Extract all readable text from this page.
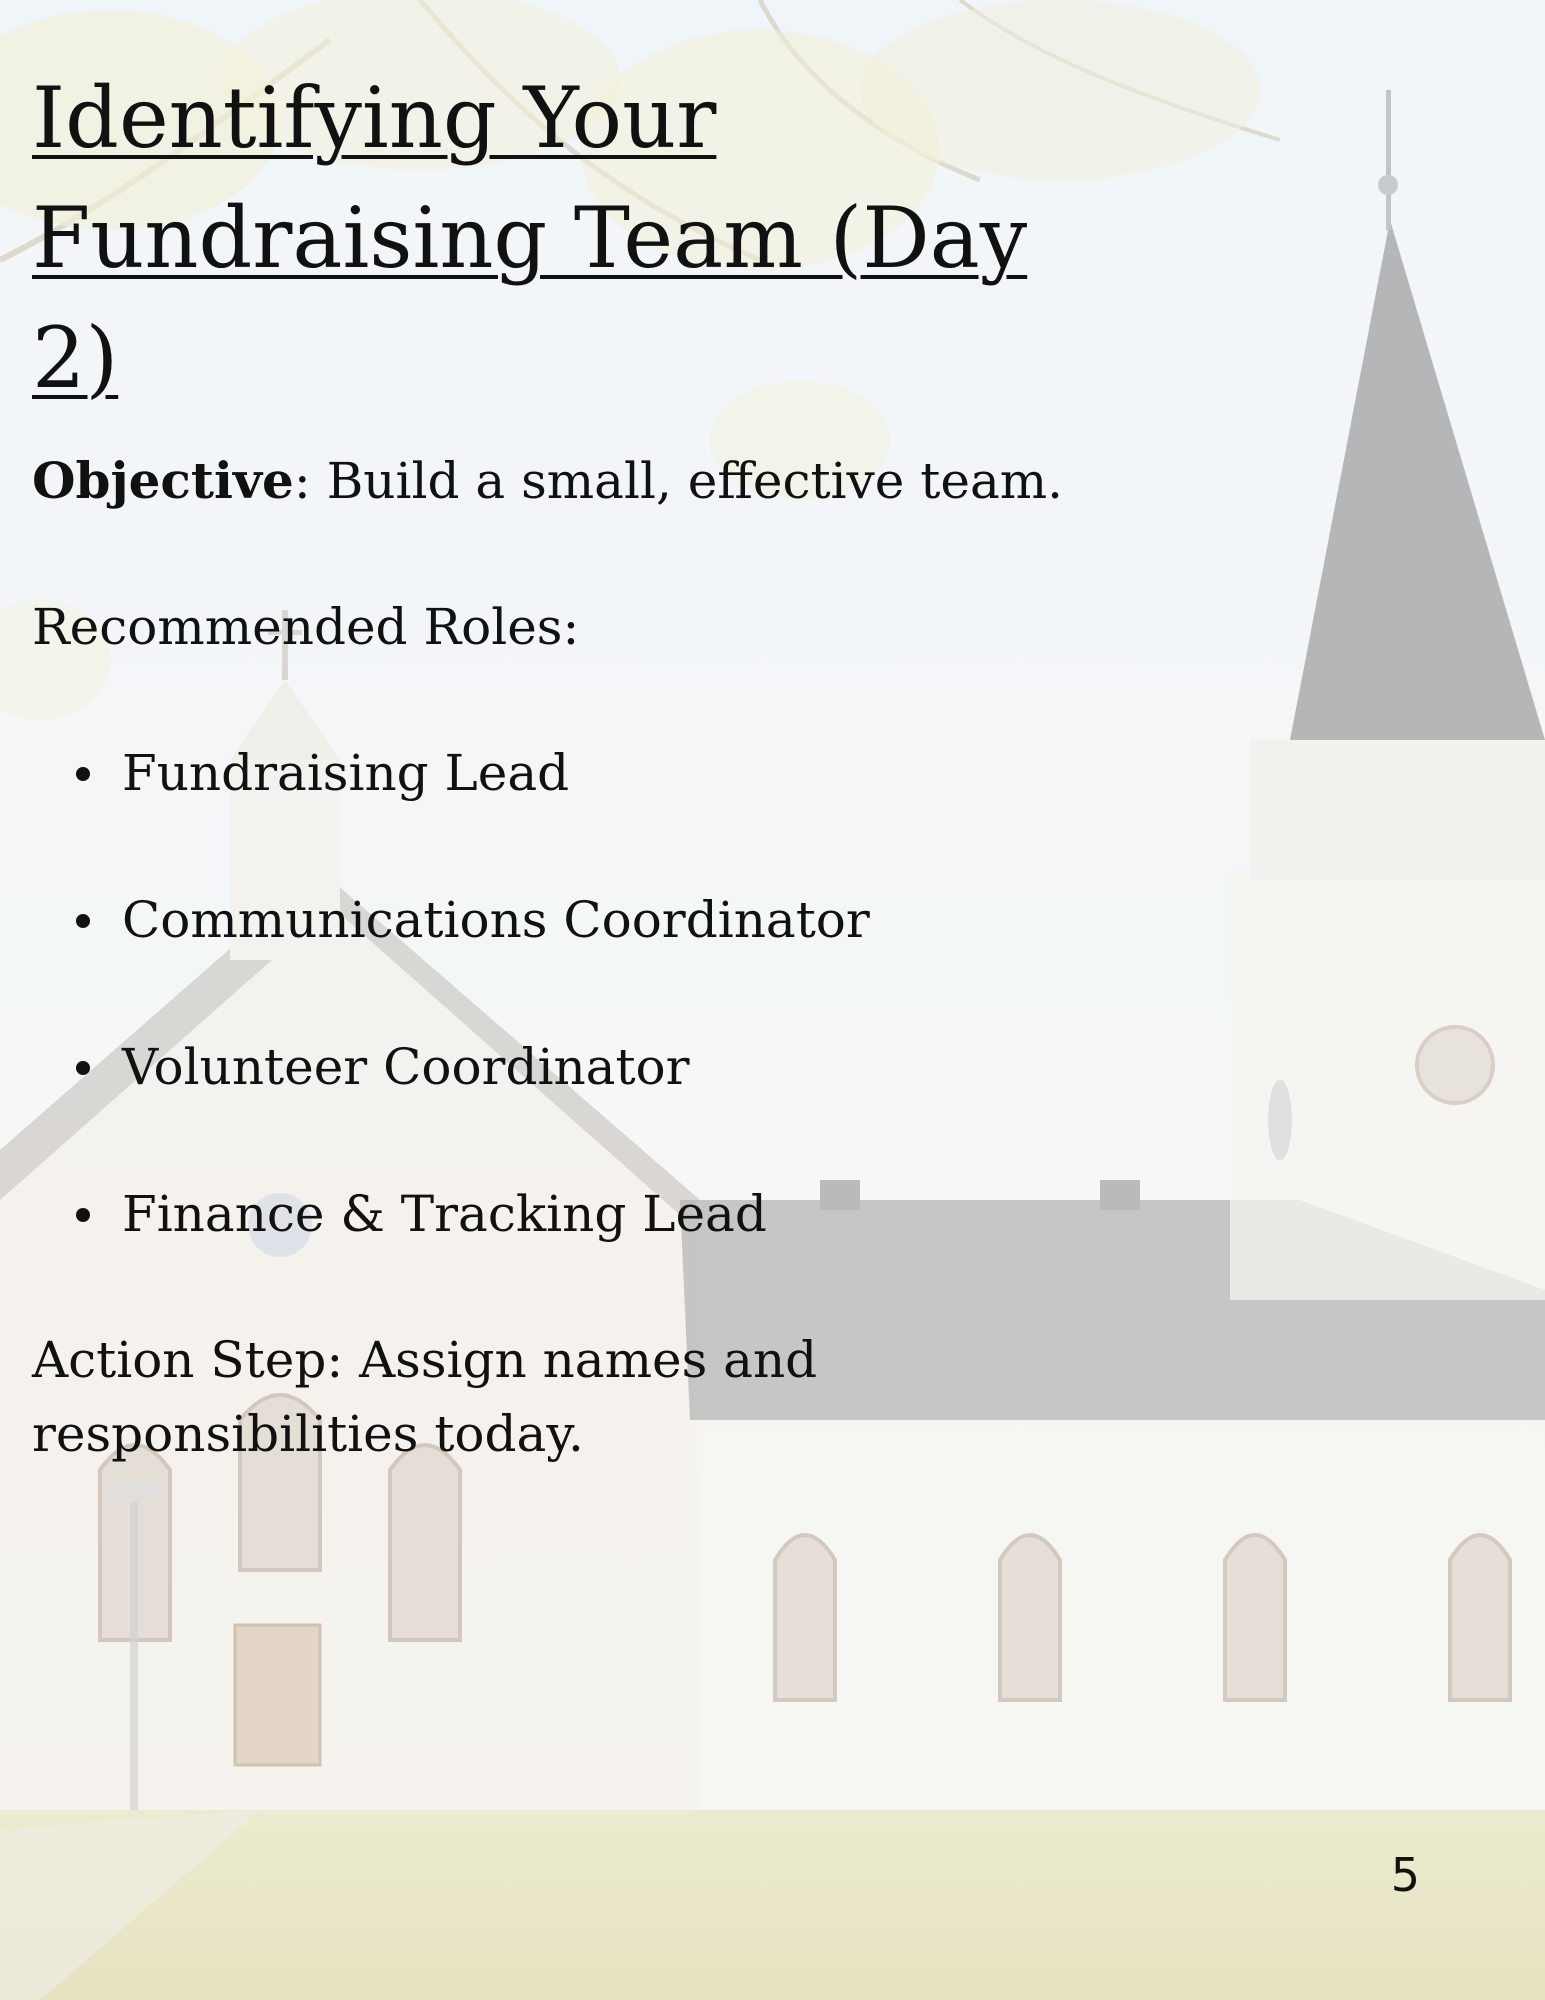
Identifying Your Fundraising Team (Day 2)

Objective: Build a small, effective team.

Recommended Roles:

Fundraising Lead
Communications Coordinator
Volunteer Coordinator
Finance & Tracking Lead

Action Step: Assign names and responsibilities today.

5
